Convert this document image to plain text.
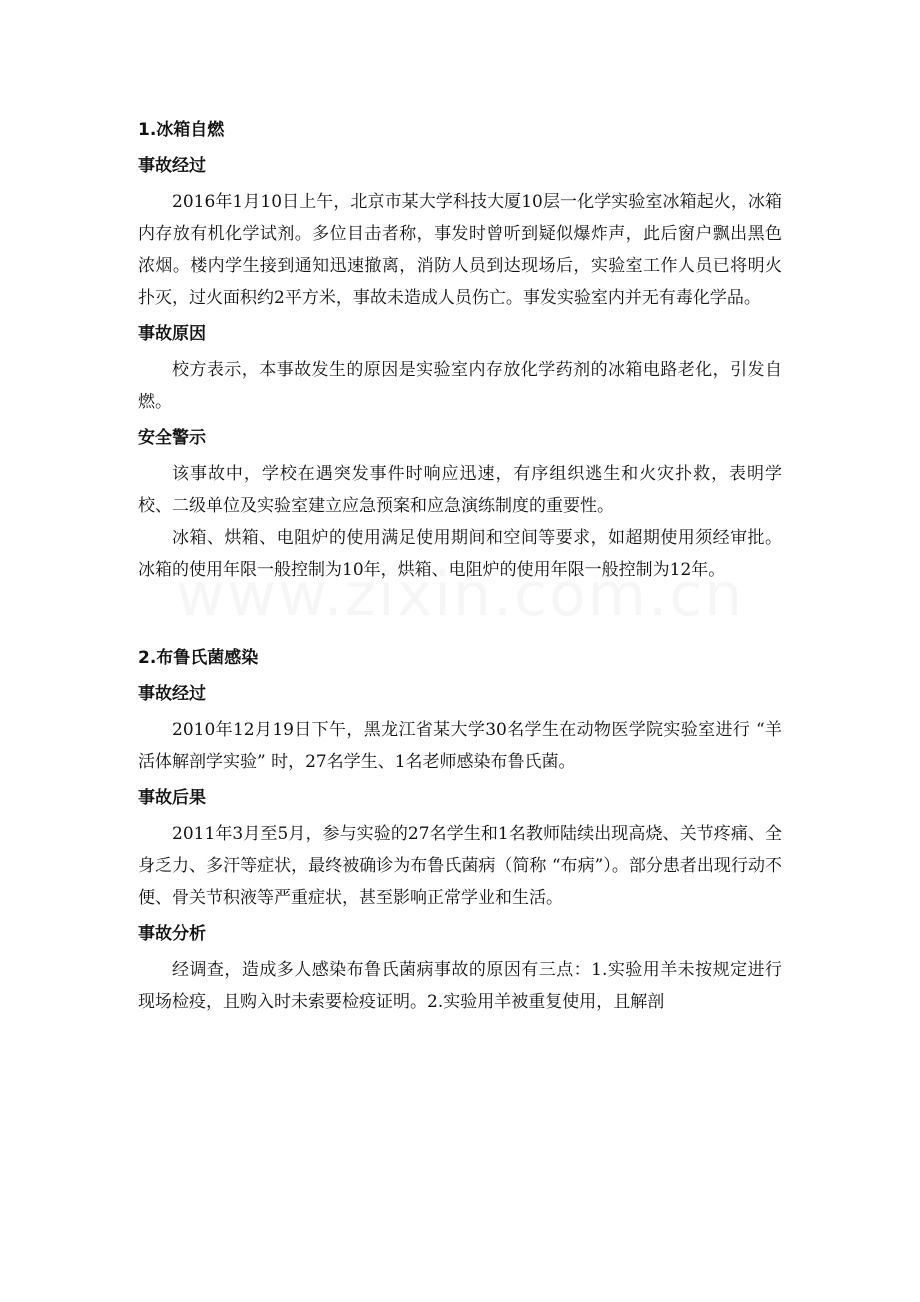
1.冰箱自燃
事故经过

2016年1月10日上午，北京市某大学科技大厦10层一化学实验室冰箱起火，冰箱内存放有机化学试剂。多位目击者称，事发时曾听到疑似爆炸声，此后窗户飘出黑色浓烟。楼内学生接到通知迅速撤离，消防人员到达现场后，实验室工作人员已将明火扑灭，过火面积约2平方米，事故未造成人员伤亡。事发实验室内并无有毒化学品。

事故原因

校方表示，本事故发生的原因是实验室内存放化学药剂的冰箱电路老化，引发自燃。

安全警示

该事故中，学校在遇突发事件时响应迅速，有序组织逃生和火灾扑救，表明学校、二级单位及实验室建立应急预案和应急演练制度的重要性。

冰箱、烘箱、电阻炉的使用满足使用期间和空间等要求，如超期使用须经审批。冰箱的使用年限一般控制为10年，烘箱、电阻炉的使用年限一般控制为12年。

2.布鲁氏菌感染
事故经过

2010年12月19日下午，黑龙江省某大学30名学生在动物医学院实验室进行 “羊活体解剖学实验” 时，27名学生、1名老师感染布鲁氏菌。

事故后果

2011年3月至5月，参与实验的27名学生和1名教师陆续出现高烧、关节疼痛、全身乏力、多汗等症状，最终被确诊为布鲁氏菌病（简称 “布病”）。部分患者出现行动不便、骨关节积液等严重症状，甚至影响正常学业和生活。

事故分析

经调查，造成多人感染布鲁氏菌病事故的原因有三点：1.实验用羊未按规定进行现场检疫，且购入时未索要检疫证明。2.实验用羊被重复使用，且解剖
